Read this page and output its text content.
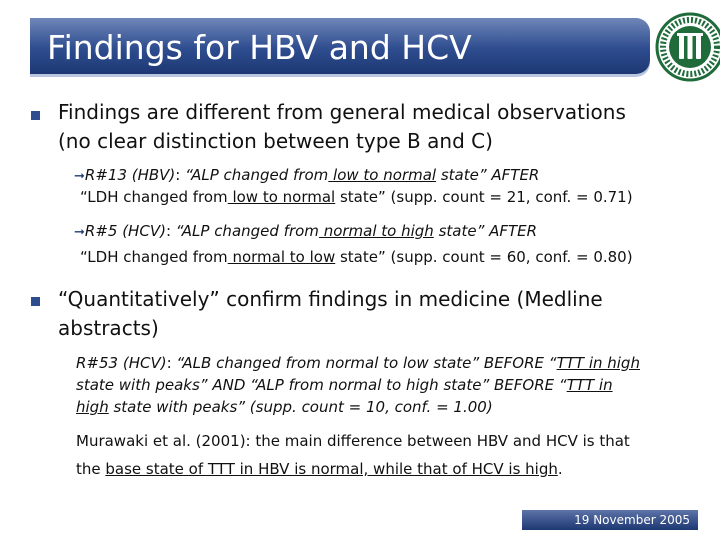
Findings for HBV and HCV
Findings are different from general medical observations
(no clear distinction between type B and C)
➞R#13 (HBV): “ALP changed from low to normal state” AFTER
“LDH changed from low to normal state” (supp. count = 21, conf. = 0.71)
➞R#5 (HCV): “ALP changed from normal to high state” AFTER
“LDH changed from normal to low state” (supp. count = 60, conf. = 0.80)
“Quantitatively” confirm findings in medicine (Medline
abstracts)
R#53 (HCV): “ALB changed from normal to low state” BEFORE “TTT in high
state with peaks” AND “ALP from normal to high state” BEFORE “TTT in
high state with peaks” (supp. count = 10, conf. = 1.00)
Murawaki et al. (2001): the main difference between HBV and HCV is that
the base state of TTT in HBV is normal, while that of HCV is high.
19 November 2005
